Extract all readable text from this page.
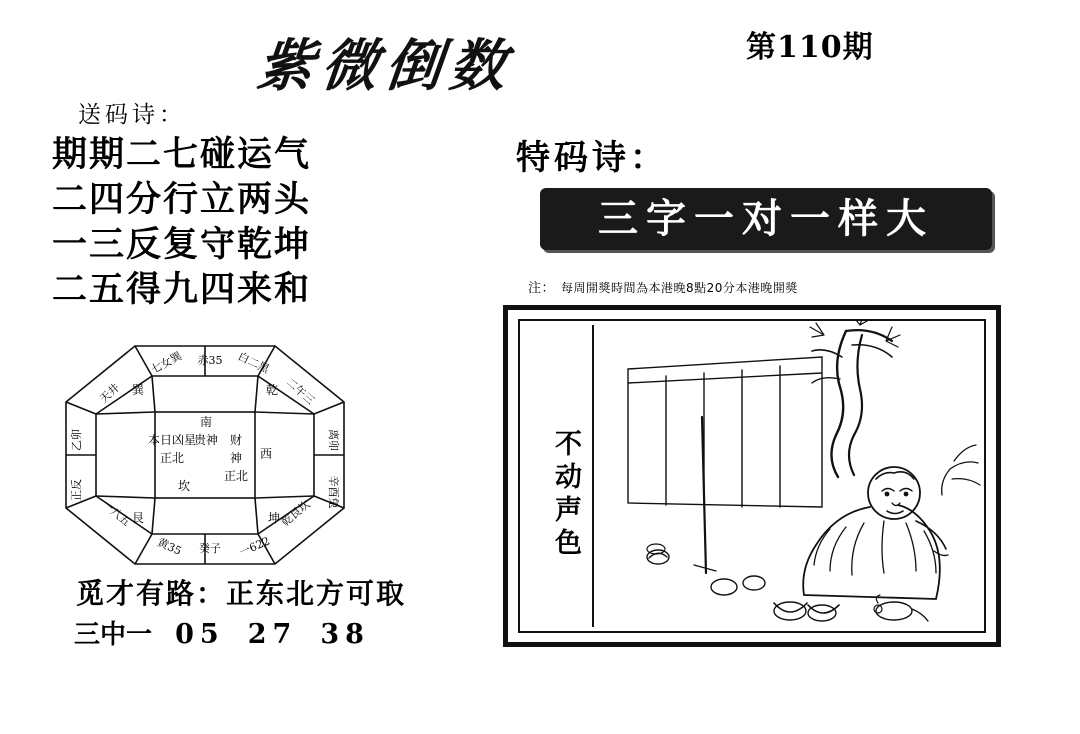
紫微倒数	第110期
送码诗：
期期二七碰运气
二四分行立两头
一三反复守乾坤
二五得九四来和
七女巽 赤35 白二黑
天井	二午三
乙卯
正反
离卯
辛酉兔
一八五	乾艮坎
黄35 癸子 一622
巽	乾
艮	坤
南
财
贵神
本日凶星
神
正北
正北
西
坎
觅才有路：正东北方可取
三中一 05 27 38
特码诗：
三字一对一样大
注： 每周開獎時間為本港晚8點20分本港晚開獎
不动声色
